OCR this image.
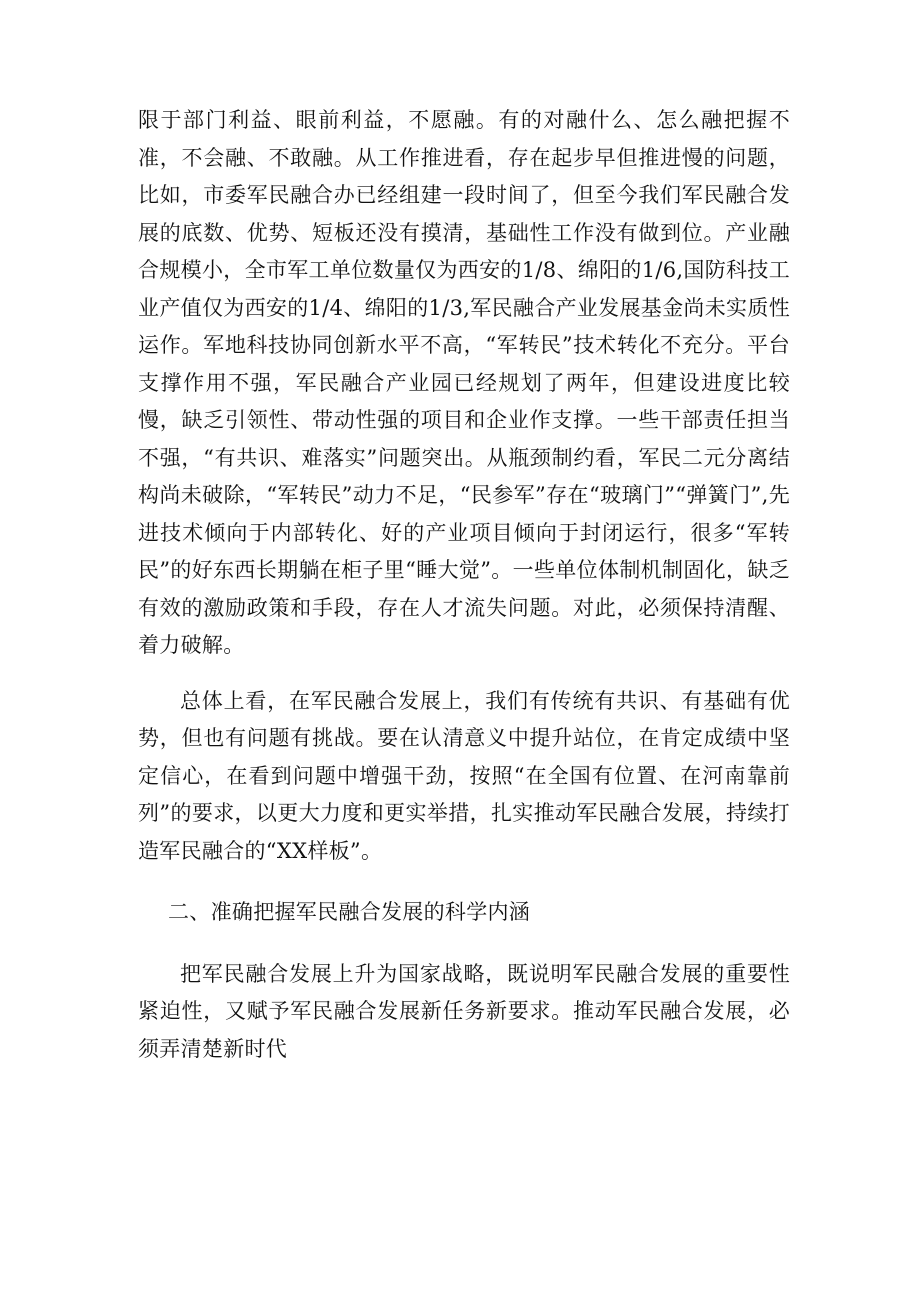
限于部门利益、眼前利益，不愿融。有的对融什么、怎么融把握不准，不会融、不敢融。从工作推进看，存在起步早但推进慢的问题，比如，市委军民融合办已经组建一段时间了，但至今我们军民融合发展的底数、优势、短板还没有摸清，基础性工作没有做到位。产业融合规模小，全市军工单位数量仅为西安的1/8、绵阳的1/6,国防科技工业产值仅为西安的1/4、绵阳的1/3,军民融合产业发展基金尚未实质性运作。军地科技协同创新水平不高，“军转民”技术转化不充分。平台支撑作用不强，军民融合产业园已经规划了两年，但建设进度比较慢，缺乏引领性、带动性强的项目和企业作支撑。一些干部责任担当不强，“有共识、难落实”问题突出。从瓶颈制约看，军民二元分离结构尚未破除，“军转民”动力不足，“民参军”存在“玻璃门”“弹簧门”,先进技术倾向于内部转化、好的产业项目倾向于封闭运行，很多“军转民”的好东西长期躺在柜子里“睡大觉”。一些单位体制机制固化，缺乏有效的激励政策和手段，存在人才流失问题。对此，必须保持清醒、着力破解。

总体上看，在军民融合发展上，我们有传统有共识、有基础有优势，但也有问题有挑战。要在认清意义中提升站位，在肯定成绩中坚定信心，在看到问题中增强干劲，按照“在全国有位置、在河南靠前列”的要求，以更大力度和更实举措，扎实推动军民融合发展，持续打造军民融合的“XX样板”。

二、准确把握军民融合发展的科学内涵

把军民融合发展上升为国家战略，既说明军民融合发展的重要性紧迫性，又赋予军民融合发展新任务新要求。推动军民融合发展，必须弄清楚新时代
